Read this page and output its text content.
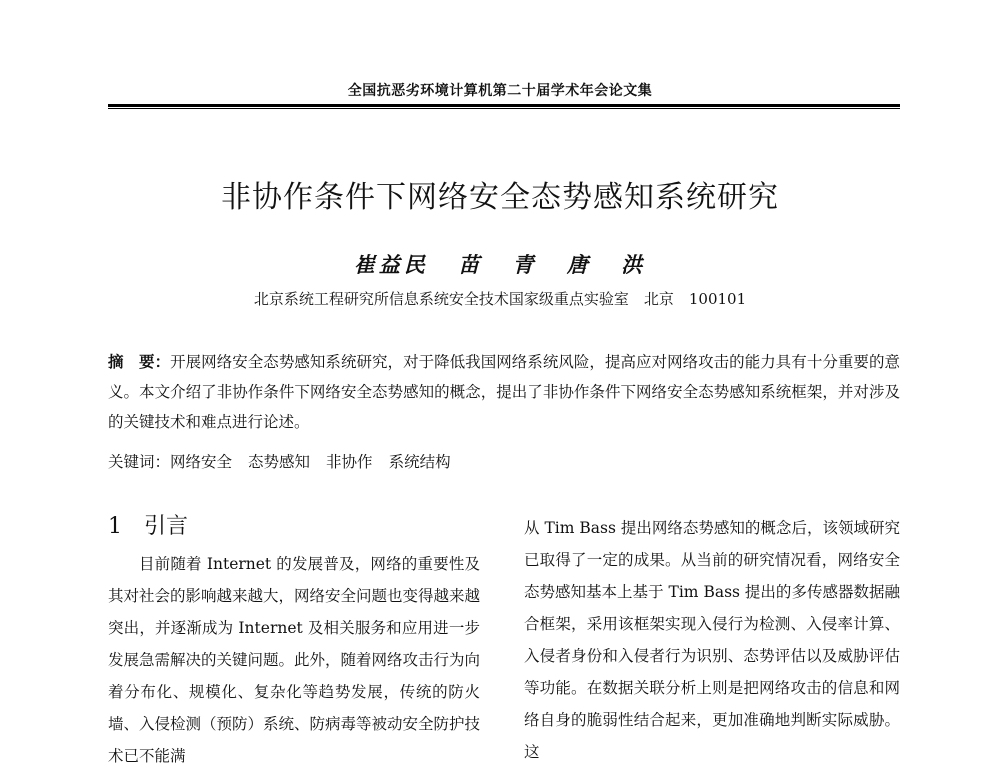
全国抗恶劣环境计算机第二十届学术年会论文集
非协作条件下网络安全态势感知系统研究
崔益民 苗 青 唐 洪
北京系统工程研究所信息系统安全技术国家级重点实验室　北京　100101
摘　要：开展网络安全态势感知系统研究，对于降低我国网络系统风险，提高应对网络攻击的能力具有十分重要的意义。本文介绍了非协作条件下网络安全态势感知的概念，提出了非协作条件下网络安全态势感知系统框架，并对涉及的关键技术和难点进行论述。
关键词：网络安全 态势感知 非协作 系统结构
1 引言

目前随着 Internet 的发展普及，网络的重要性及其对社会的影响越来越大，网络安全问题也变得越来越突出，并逐渐成为 Internet 及相关服务和应用进一步发展急需解决的关键问题。此外，随着网络攻击行为向着分布化、规模化、复杂化等趋势发展，传统的防火墙、入侵检测（预防）系统、防病毒等被动安全防护技术已不能满

从 Tim Bass 提出网络态势感知的概念后，该领域研究已取得了一定的成果。从当前的研究情况看，网络安全态势感知基本上基于 Tim Bass 提出的多传感器数据融合框架，采用该框架实现入侵行为检测、入侵率计算、入侵者身份和入侵者行为识别、态势评估以及威胁评估等功能。在数据关联分析上则是把网络攻击的信息和网络自身的脆弱性结合起来，更加准确地判断实际威胁。这
